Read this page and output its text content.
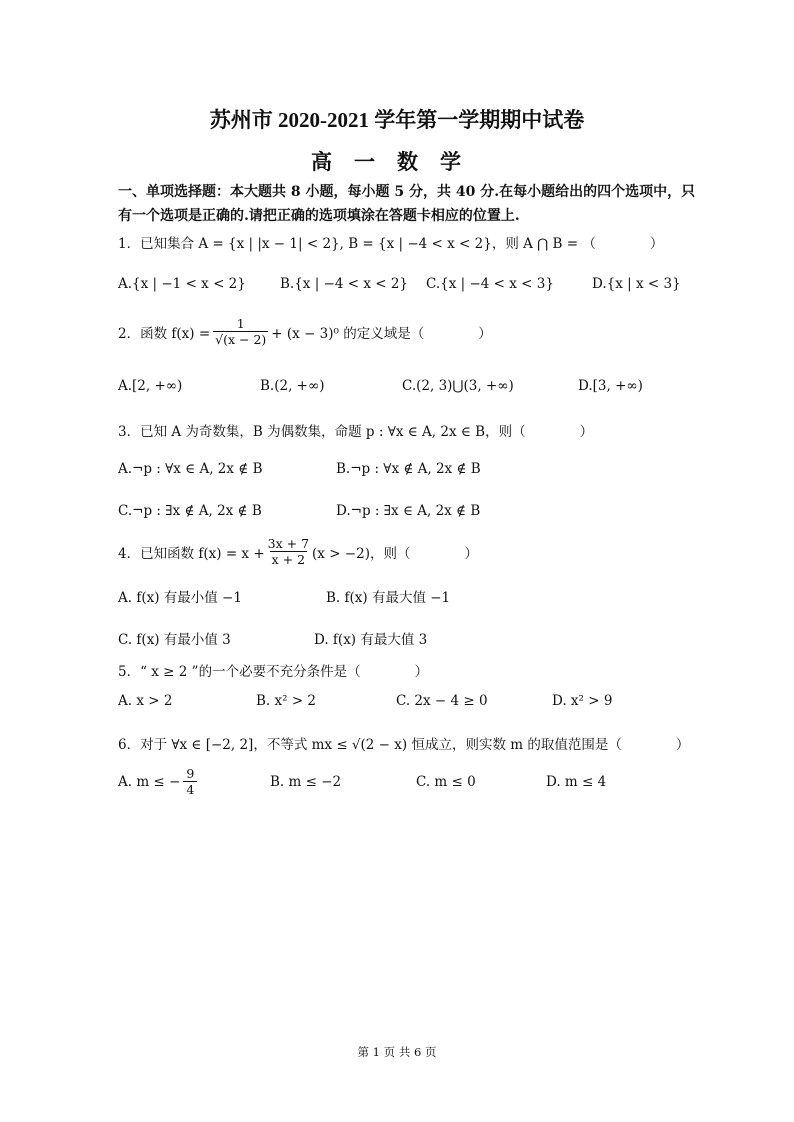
苏州市 2020-2021 学年第一学期期中试卷
高一数学
一、单项选择题：本大题共 8 小题，每小题 5 分，共 40 分.在每小题给出的四个选项中，只
有一个选项是正确的.请把正确的选项填涂在答题卡相应的位置上.
1．已知集合 A = {x | |x − 1| < 2}, B = {x | −4 < x < 2}，则 A ⋂ B = （　　　　）
A.{x | −1 < x < 2}	B.{x | −4 < x < 2} C.{x | −4 < x < 3}	D.{x | x < 3}
2．函数 $f(x) = \frac{1}{√(x - 2)} + (x - 3)^0$ 的定义域是（　　　　）
A.[2, +∞)	B.(2, +∞)	C.(2, 3)⋃(3, +∞)	D.[3, +∞)
3．已知 A 为奇数集，B 为偶数集，命题 p : ∀x ∈ A, 2x ∈ B，则（　　　　）
A.¬p : ∀x ∈ A, 2x ∉ B	B.¬p : ∀x ∉ A, 2x ∉ B
C.¬p : ∃x ∉ A, 2x ∉ B	D.¬p : ∃x ∈ A, 2x ∉ B
4．已知函数 $f(x) = x + \frac{3x + 7}{x + 2} (x > -2)$，则（　　　　）
A. f(x) 有最小值 −1	B. f(x) 有最大值 −1
C. f(x) 有最小值 3	D. f(x) 有最大值 3
5．“ x ≥ 2 ”的一个必要不充分条件是（　　　　）
A. x > 2	B. x² > 2	C. 2x − 4 ≥ 0	D. x² > 9
6．对于 ∀x ∈ [−2, 2]，不等式 mx ≤ √(2 − x) 恒成立，则实数 m 的取值范围是（　　　　）
A. m ≤ − $\frac{9}{4}$	B. m ≤ −2	C. m ≤ 0	D. m ≤ 4
第 1 页 共 6 页
